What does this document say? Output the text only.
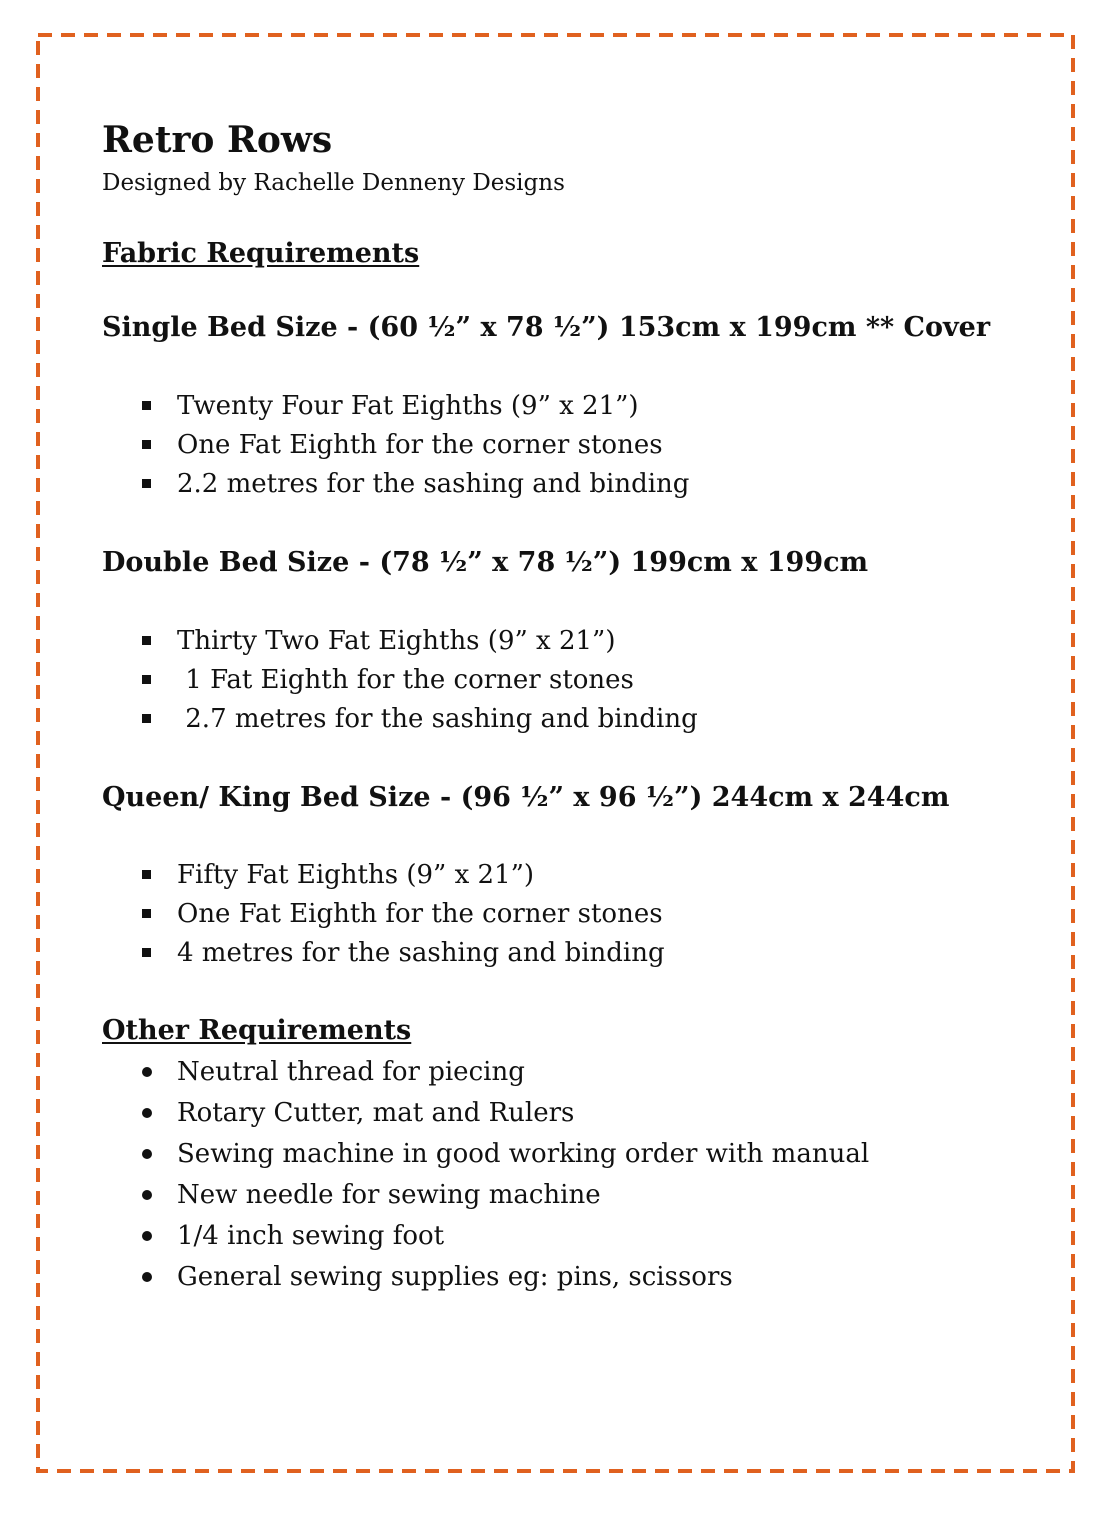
Retro Rows
Designed by Rachelle Denneny Designs
Fabric Requirements
Single Bed Size - (60 ½” x 78 ½”) 153cm x 199cm ** Cover
Twenty Four Fat Eighths (9” x 21”)
One Fat Eighth for the corner stones
2.2 metres for the sashing and binding
Double Bed Size - (78 ½” x 78 ½”) 199cm x 199cm
Thirty Two Fat Eighths (9” x 21”)
1 Fat Eighth for the corner stones
2.7 metres for the sashing and binding
Queen/ King Bed Size - (96 ½” x 96 ½”) 244cm x 244cm
Fifty Fat Eighths (9” x 21”)
One Fat Eighth for the corner stones
4 metres for the sashing and binding
Other Requirements
Neutral thread for piecing
Rotary Cutter, mat and Rulers
Sewing machine in good working order with manual
New needle for sewing machine
1/4 inch sewing foot
General sewing supplies eg: pins, scissors
